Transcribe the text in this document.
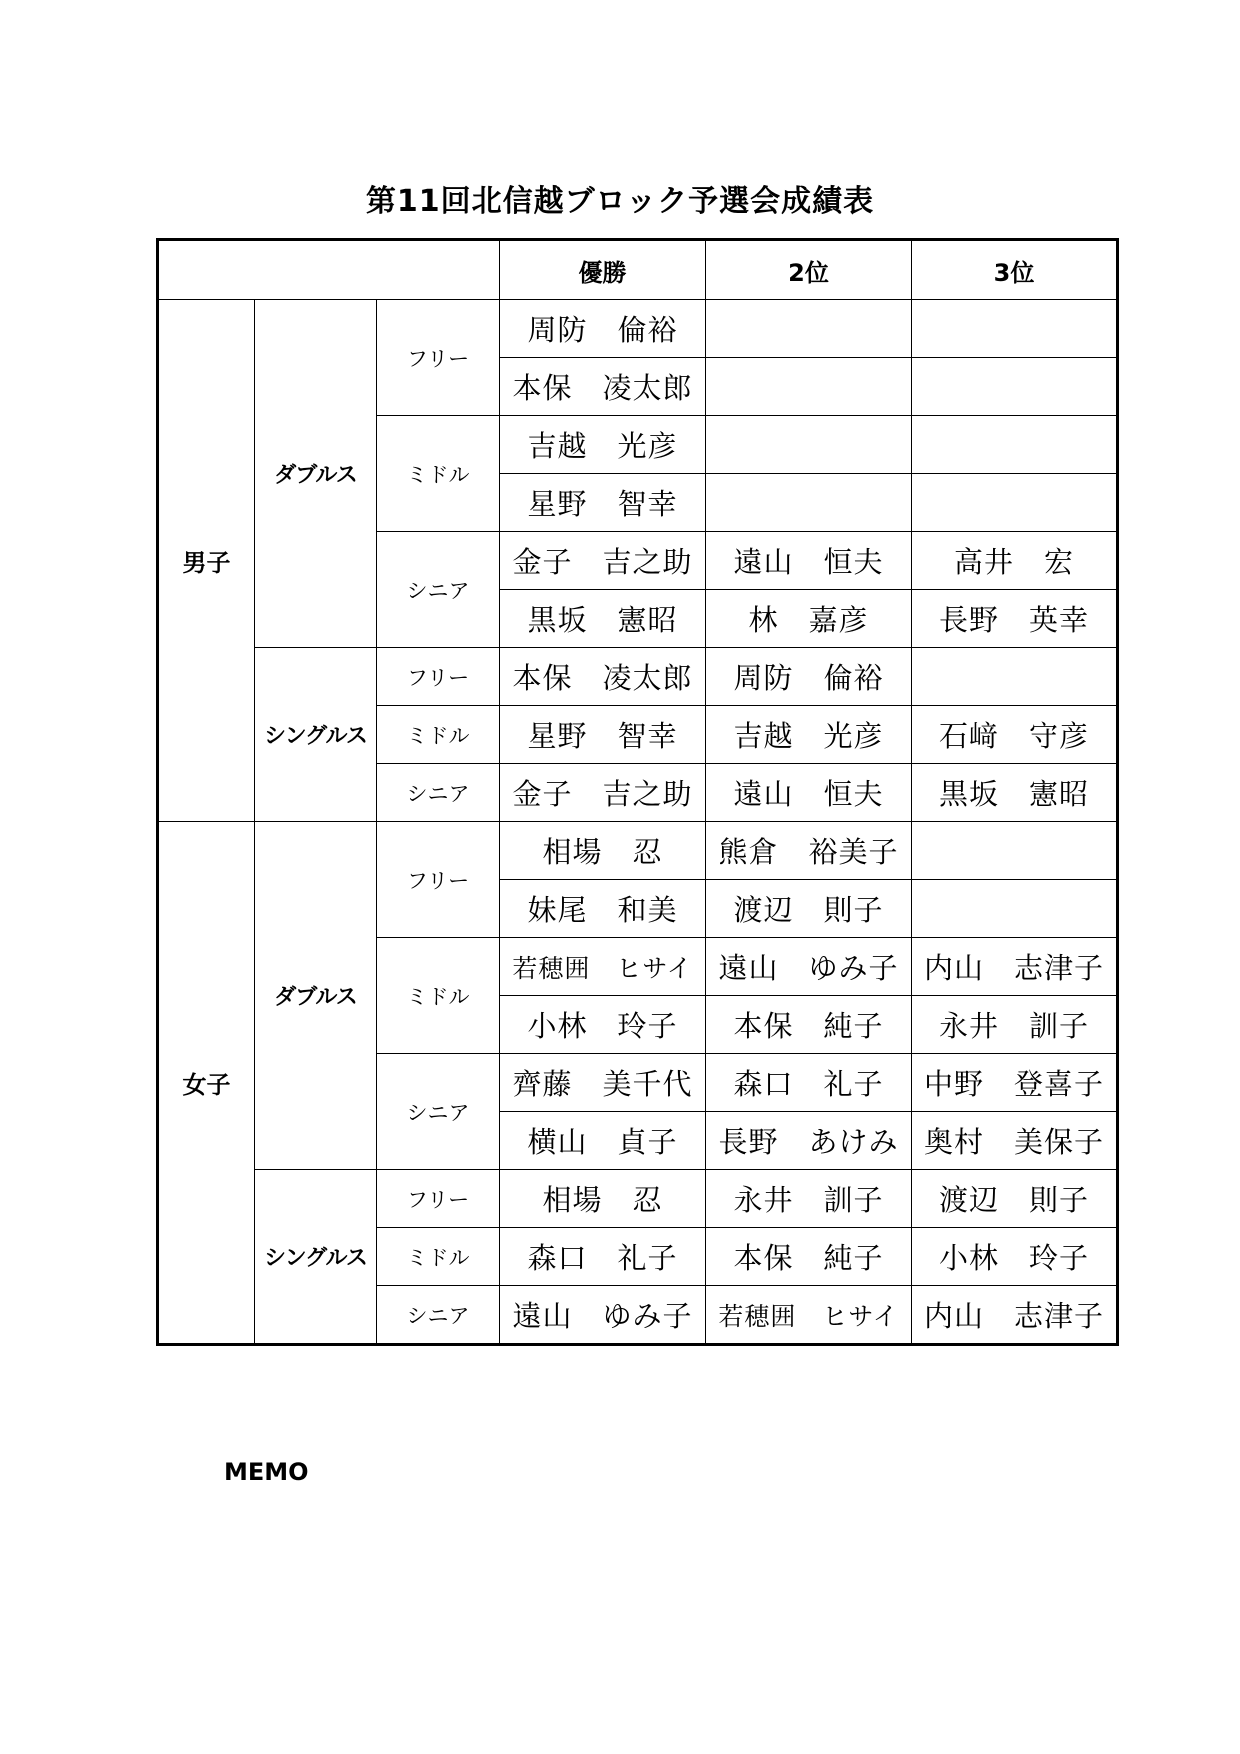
第11回北信越ブロック予選会成績表
			優勝	2位	3位
男子	ダブルス	フリー	周防　倫裕		
			本保　凌太郎		
		ミドル	吉越　光彦		
			星野　智幸		
		シニア	金子　吉之助	遠山　恒夫	高井　宏
			黒坂　憲昭	林　嘉彦	長野　英幸
	シングルス	フリー	本保　凌太郎	周防　倫裕	
		ミドル	星野　智幸	吉越　光彦	石﨑　守彦
		シニア	金子　吉之助	遠山　恒夫	黒坂　憲昭
女子	ダブルス	フリー	相場　忍	熊倉　裕美子	
			妹尾　和美	渡辺　則子	
		ミドル	若穂囲　ヒサイ	遠山　ゆみ子	内山　志津子
			小林　玲子	本保　純子	永井　訓子
		シニア	齊藤　美千代	森口　礼子	中野　登喜子
			横山　貞子	長野　あけみ	奥村　美保子
	シングルス	フリー	相場　忍	永井　訓子	渡辺　則子
		ミドル	森口　礼子	本保　純子	小林　玲子
		シニア	遠山　ゆみ子	若穂囲　ヒサイ	内山　志津子
MEMO
